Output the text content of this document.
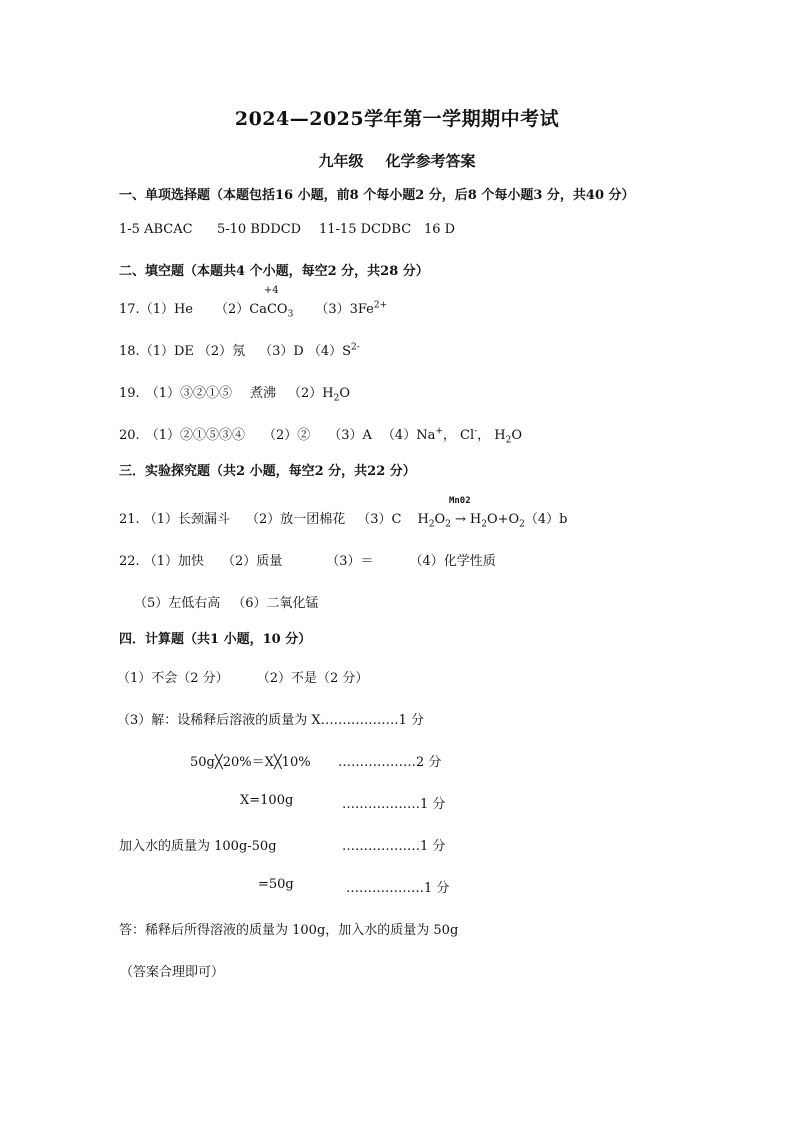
2024—2025学年第一学期期中考试
九年级 化学参考答案
一、单项选择题（本题包括16 小题，前8 个每小题2 分，后8 个每小题3 分，共40 分）
1-5 ABCAC 5-10 BDDCD 11-15 DCDBC 16 D
二、填空题（本题共4 个小题，每空2 分，共28 分）
17.（1）He （2）
+4
CaCO$_3$ $(3)3Fe^{2+}$
18.（1）DE （2）氖 （3）D $(4)S^{2-}$
19. （1）③②①⑤ 煮沸 $(2)H_2O$
20. （1）②①⑤③④ （2）② （3）A （4）Na+， Cl-， $H_2O$
三．实验探究题（共2 小题，每空2 分，共22 分）
21. （1）长颈漏斗 （2）放一团棉花 （3）C $H_2O_2$
Mn02
→ $H_2O+O_2(4)b$
22. （1）加快 （2）质量	（3）＝	（4）化学性质
（5）左低右高 （6）二氧化锰
四．计算题（共1 小题，10 分）
（1）不会（2 分） （2）不是（2 分）
（3）解：设稀释后溶液的质量为 X………………1 分
50g╳20%＝X╳10% ………………2 分
X=100g	………………1 分
加入水的质量为 100g-50g	………………1 分
=50g	………………1 分
答：稀释后所得溶液的质量为 100g，加入水的质量为 50g
（答案合理即可）
